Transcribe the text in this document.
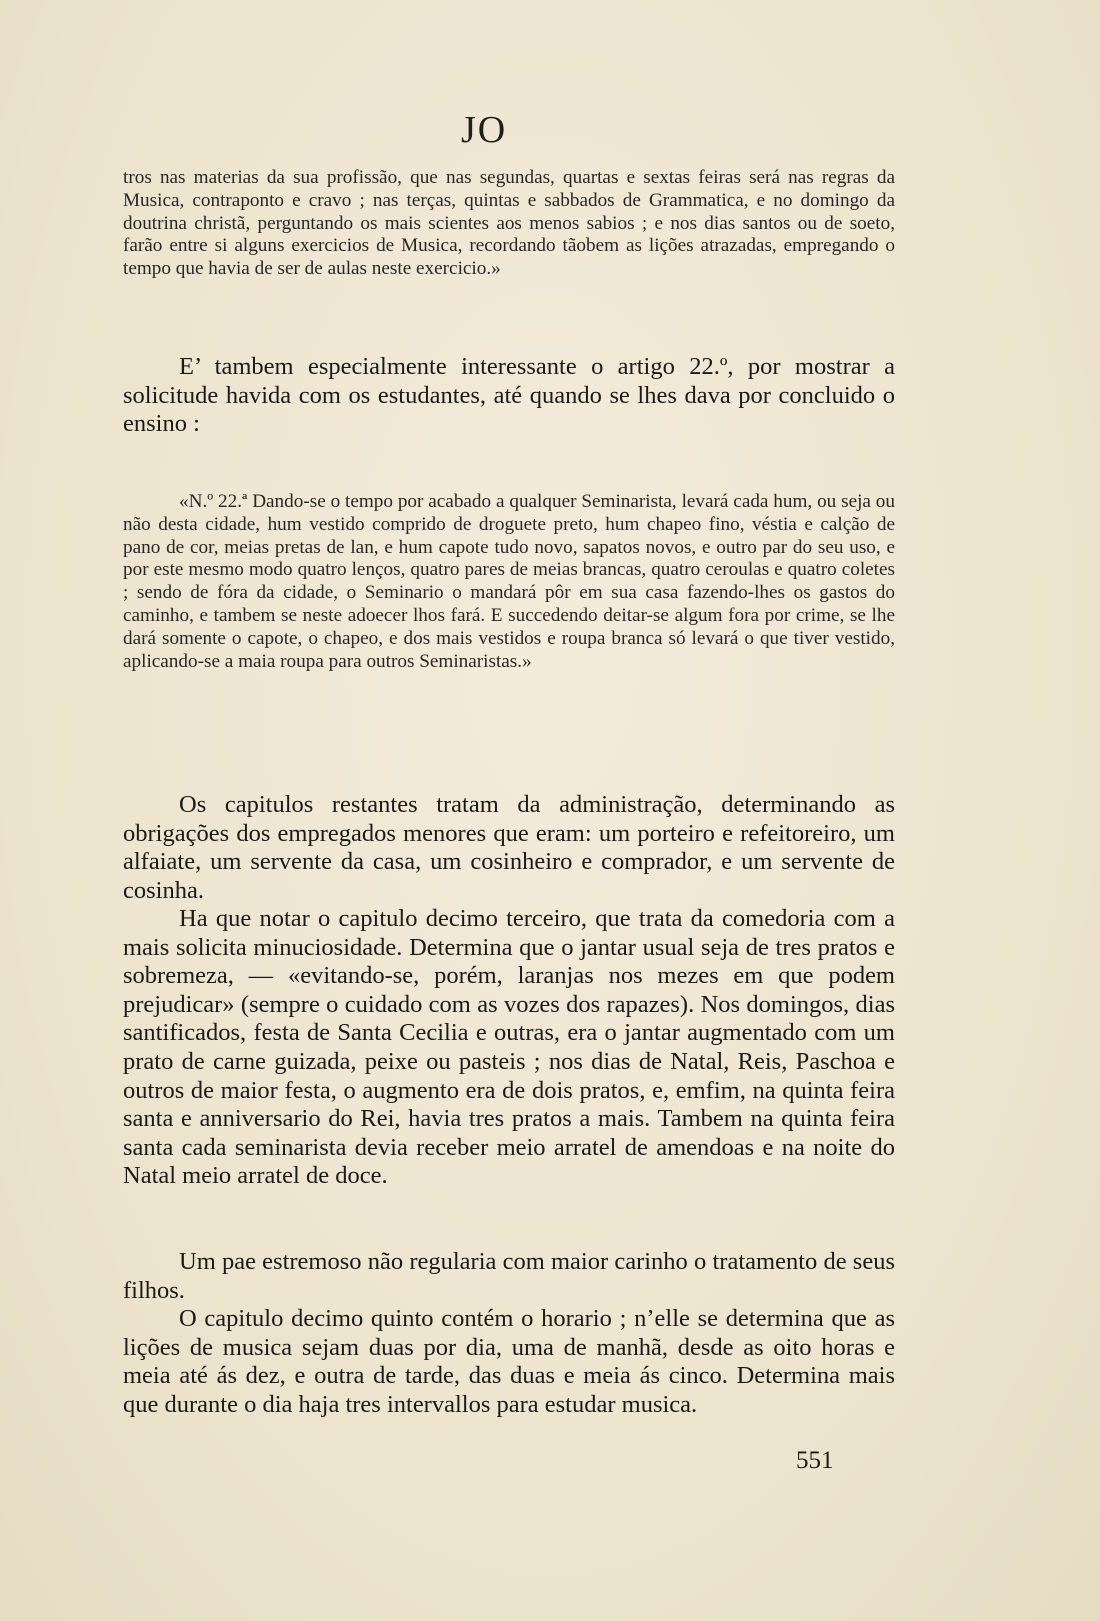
JO

tros nas materias da sua profissão, que nas segundas, quartas e sextas feiras será nas regras da Musica, contraponto e cravo ; nas terças, quintas e sabbados de Grammatica, e no domingo da doutrina christã, perguntando os mais scientes aos menos sabios ; e nos dias santos ou de soeto, farão entre si alguns exercicios de Musica, recordando tãobem as lições atrazadas, empregando o tempo que havia de ser de aulas neste exercicio.»

E’ tambem especialmente interessante o artigo 22.º, por mostrar a solicitude havida com os estudantes, até quando se lhes dava por concluido o ensino :

«N.º 22.ª Dando-se o tempo por acabado a qualquer Seminarista, levará cada hum, ou seja ou não desta cidade, hum vestido comprido de droguete preto, hum chapeo fino, véstia e calção de pano de cor, meias pretas de lan, e hum capote tudo novo, sapatos novos, e outro par do seu uso, e por este mesmo modo quatro lenços, quatro pares de meias brancas, quatro ceroulas e quatro coletes ; sendo de fóra da cidade, o Seminario o mandará pôr em sua casa fazendo-lhes os gastos do caminho, e tambem se neste adoecer lhos fará. E succedendo deitar-se algum fora por crime, se lhe dará somente o capote, o chapeo, e dos mais vestidos e roupa branca só levará o que tiver vestido, aplicando-se a maia roupa para outros Seminaristas.»

Os capitulos restantes tratam da administração, determinando as obrigações dos empregados menores que eram: um porteiro e refeitoreiro, um alfaiate, um servente da casa, um cosinheiro e comprador, e um servente de cosinha.

Ha que notar o capitulo decimo terceiro, que trata da comedoria com a mais solicita minuciosidade. Determina que o jantar usual seja de tres pratos e sobremeza, — «evitando-se, porém, laranjas nos mezes em que podem prejudicar» (sempre o cuidado com as vozes dos rapazes). Nos domingos, dias santificados, festa de Santa Cecilia e outras, era o jantar augmentado com um prato de carne guizada, peixe ou pasteis ; nos dias de Natal, Reis, Paschoa e outros de maior festa, o augmento era de dois pratos, e, emfim, na quinta feira santa e anniversario do Rei, havia tres pratos a mais. Tambem na quinta feira santa cada seminarista devia receber meio arratel de amendoas e na noite do Natal meio arratel de doce.

Um pae estremoso não regularia com maior carinho o tratamento de seus filhos.

O capitulo decimo quinto contém o horario ; n’elle se determina que as lições de musica sejam duas por dia, uma de manhã, desde as oito horas e meia até ás dez, e outra de tarde, das duas e meia ás cinco. Determina mais que durante o dia haja tres intervallos para estudar musica.

551
